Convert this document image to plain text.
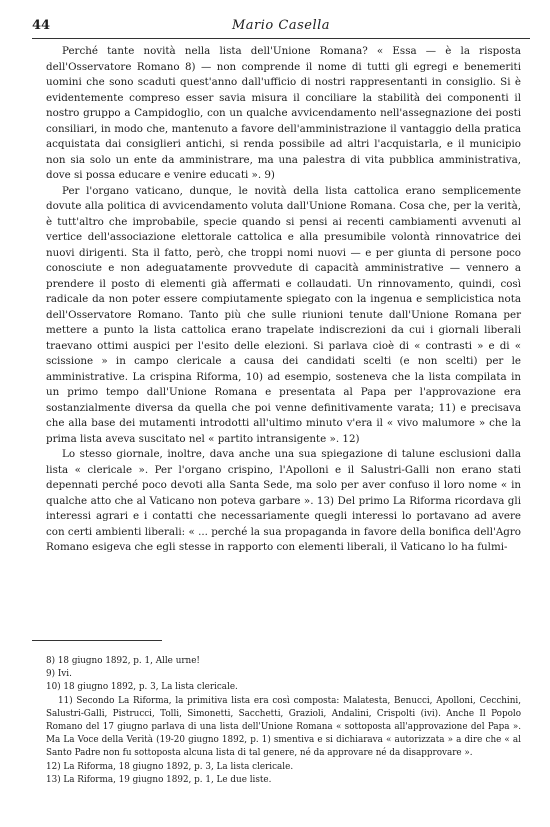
44	Mario Casella

Perché tante novità nella lista dell'Unione Romana? « Essa — è la risposta dell'Osservatore Romano 8) — non comprende il nome di tutti gli egregi e benemeriti uomini che sono scaduti quest'anno dall'ufficio di nostri rappresentanti in consiglio. Si è evidentemente compreso esser savia misura il conciliare la stabilità dei componenti il nostro gruppo a Campidoglio, con un qualche avvicendamento nell'assegnazione dei posti consiliari, in modo che, mantenuto a favore dell'amministrazione il vantaggio della pratica acquistata dai consiglieri antichi, si renda possibile ad altri l'acquistarla, e il municipio non sia solo un ente da amministrare, ma una palestra di vita pubblica amministrativa, dove si possa educare e venire educati ». 9)

Per l'organo vaticano, dunque, le novità della lista cattolica erano semplicemente dovute alla politica di avvicendamento voluta dall'Unione Romana. Cosa che, per la verità, è tutt'altro che improbabile, specie quando si pensi ai recenti cambiamenti avvenuti al vertice dell'associazione elettorale cattolica e alla presumibile volontà rinnovatrice dei nuovi dirigenti. Sta il fatto, però, che troppi nomi nuovi — e per giunta di persone poco conosciute e non adeguatamente provvedute di capacità amministrative — vennero a prendere il posto di elementi già affermati e collaudati. Un rinnovamento, quindi, così radicale da non poter essere compiutamente spiegato con la ingenua e semplicistica nota dell'Osservatore Romano. Tanto più che sulle riunioni tenute dall'Unione Romana per mettere a punto la lista cattolica erano trapelate indiscrezioni da cui i giornali liberali traevano ottimi auspici per l'esito delle elezioni. Si parlava cioè di « contrasti » e di « scissione » in campo clericale a causa dei candidati scelti (e non scelti) per le amministrative. La crispina Riforma, 10) ad esempio, sosteneva che la lista compilata in un primo tempo dall'Unione Romana e presentata al Papa per l'approvazione era sostanzialmente diversa da quella che poi venne definitivamente varata; 11) e precisava che alla base dei mutamenti introdotti all'ultimo minuto v'era il « vivo malumore » che la prima lista aveva suscitato nel « partito intransigente ». 12)

Lo stesso giornale, inoltre, dava anche una sua spiegazione di talune esclusioni dalla lista « clericale ». Per l'organo crispino, l'Apolloni e il Salustri-Galli non erano stati depennati perché poco devoti alla Santa Sede, ma solo per aver confuso il loro nome « in qualche atto che al Vaticano non poteva garbare ». 13) Del primo La Riforma ricordava gli interessi agrari e i contatti che necessariamente quegli interessi lo portavano ad avere con certi ambienti liberali: « ... perché la sua propaganda in favore della bonifica dell'Agro Romano esigeva che egli stesse in rapporto con elementi liberali, il Vaticano lo ha fulmi-

8) 18 giugno 1892, p. 1, Alle urne!

9) Ivi.

10) 18 giugno 1892, p. 3, La lista clericale.

11) Secondo La Riforma, la primitiva lista era così composta: Malatesta, Benucci, Apolloni, Cecchini, Salustri-Galli, Pistrucci, Tolli, Simonetti, Sacchetti, Grazioli, Andalini, Crispolti (ivi). Anche Il Popolo Romano del 17 giugno parlava di una lista dell'Unione Romana « sottoposta all'approvazione del Papa ». Ma La Voce della Verità (19-20 giugno 1892, p. 1) smentiva e si dichiarava « autorizzata » a dire che « al Santo Padre non fu sottoposta alcuna lista di tal genere, né da approvare né da disapprovare ».

12) La Riforma, 18 giugno 1892, p. 3, La lista clericale.

13) La Riforma, 19 giugno 1892, p. 1, Le due liste.
